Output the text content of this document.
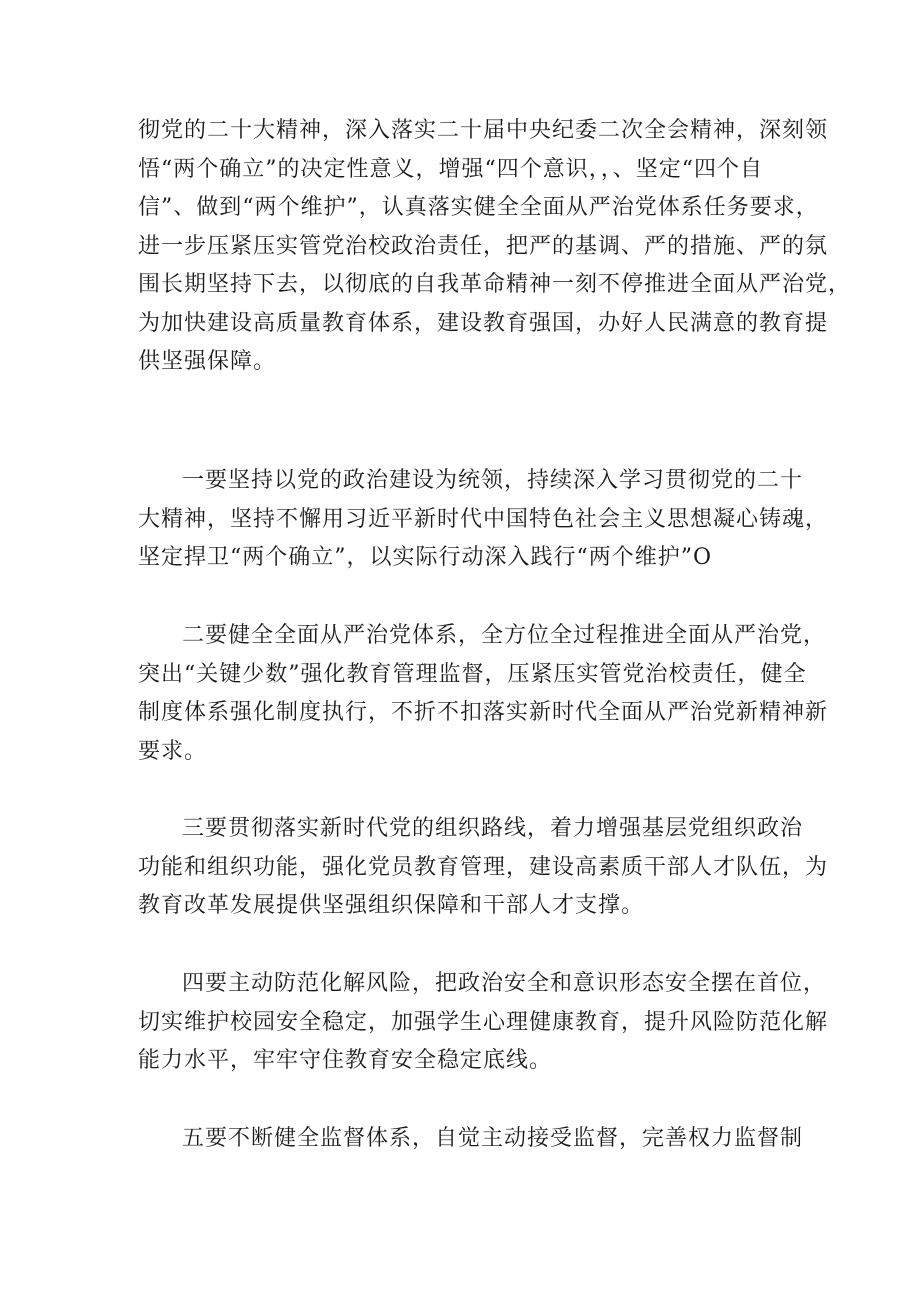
彻党的二十大精神，深入落实二十届中央纪委二次全会精神，深刻领
悟“两个确立”的决定性意义，增强“四个意识，，、坚定“四个自
信”、做到“两个维护”，认真落实健全全面从严治党体系任务要求，
进一步压紧压实管党治校政治责任，把严的基调、严的措施、严的氛
围长期坚持下去，以彻底的自我革命精神一刻不停推进全面从严治党，
为加快建设高质量教育体系，建设教育强国，办好人民满意的教育提
供坚强保障。

一要坚持以党的政治建设为统领，持续深入学习贯彻党的二十
大精神，坚持不懈用习近平新时代中国特色社会主义思想凝心铸魂，
坚定捍卫“两个确立”，以实际行动深入践行“两个维护”O

二要健全全面从严治党体系，全方位全过程推进全面从严治党，
突出“关键少数”强化教育管理监督，压紧压实管党治校责任，健全
制度体系强化制度执行，不折不扣落实新时代全面从严治党新精神新
要求。

三要贯彻落实新时代党的组织路线，着力增强基层党组织政治
功能和组织功能，强化党员教育管理，建设高素质干部人才队伍，为
教育改革发展提供坚强组织保障和干部人才支撑。

四要主动防范化解风险，把政治安全和意识形态安全摆在首位，
切实维护校园安全稳定，加强学生心理健康教育，提升风险防范化解
能力水平，牢牢守住教育安全稳定底线。

五要不断健全监督体系，自觉主动接受监督，完善权力监督制
